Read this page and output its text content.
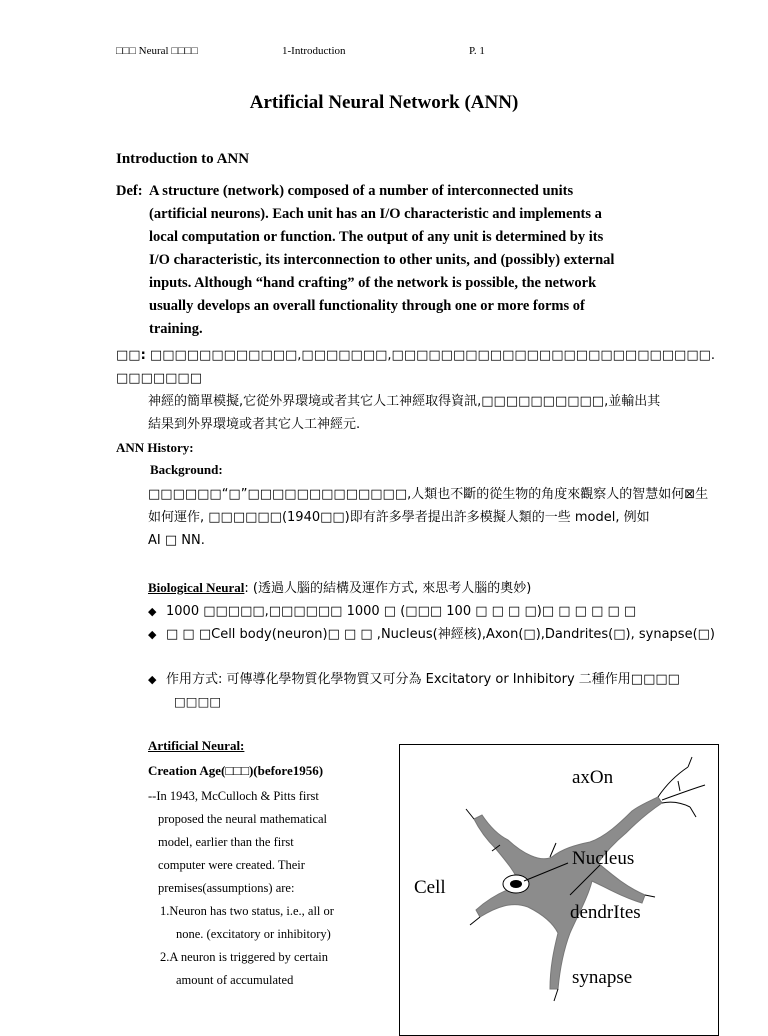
□□□ Neural □□□□	1-Introduction	P. 1
Artificial Neural Network (ANN)
Introduction to ANN
Def: A structure (network) composed of a number of interconnected units

(artificial neurons). Each unit has an I/O characteristic and implements a

local computation or function. The output of any unit is determined by its

I/O characteristic, its interconnection to other units, and (possibly) external

inputs. Although “hand crafting” of the network is possible, the network

usually develops an overall functionality through one or more forms of

training.

□□: □□□□□□□□□□□□,□□□□□□□,□□□□□□□□□□□□□□□□□□□□□□□□□□. □□□□□□□
神經的簡單模擬,它從外界環境或者其它人工神經取得資訊,□□□□□□□□□□,並輸出其
結果到外界環境或者其它人工神經元.
ANN History:
Background:
□□□□□□“□”□□□□□□□□□□□□□,人類也不斷的從生物的角度來觀察人的智慧如何⊠生
如何運作, □□□□□□(1940□□)即有許多學者提出許多模擬人類的一些 model, 例如
AI □ NN.
Biological Neural: (透過人腦的結構及運作方式, 來思考人腦的奧妙)
◆ 1000 □□□□□,□□□□□□ 1000 □ (□□□ 100 □ □ □ □)□ □ □ □ □ □
◆ □ □ □Cell body(neuron)□ □ □ ,Nucleus(神經核),Axon(□),Dandrites(□), synapse(□)
◆ 作用方式: 可傳導化學物質化學物質又可分為 Excitatory or Inhibitory 二種作用□□□□
□□□□
Artificial Neural:
Creation Age(□□□)(before1956)
--In 1943, McCulloch & Pitts first
proposed the neural mathematical
model, earlier than the first
computer were created. Their
premises(assumptions) are:
1.Neuron has two status, i.e., all or
none. (excitatory or inhibitory)
2.A neuron is triggered by certain
amount of accumulated
axOn
Nucleus
Cell
dendrItes
synapse
